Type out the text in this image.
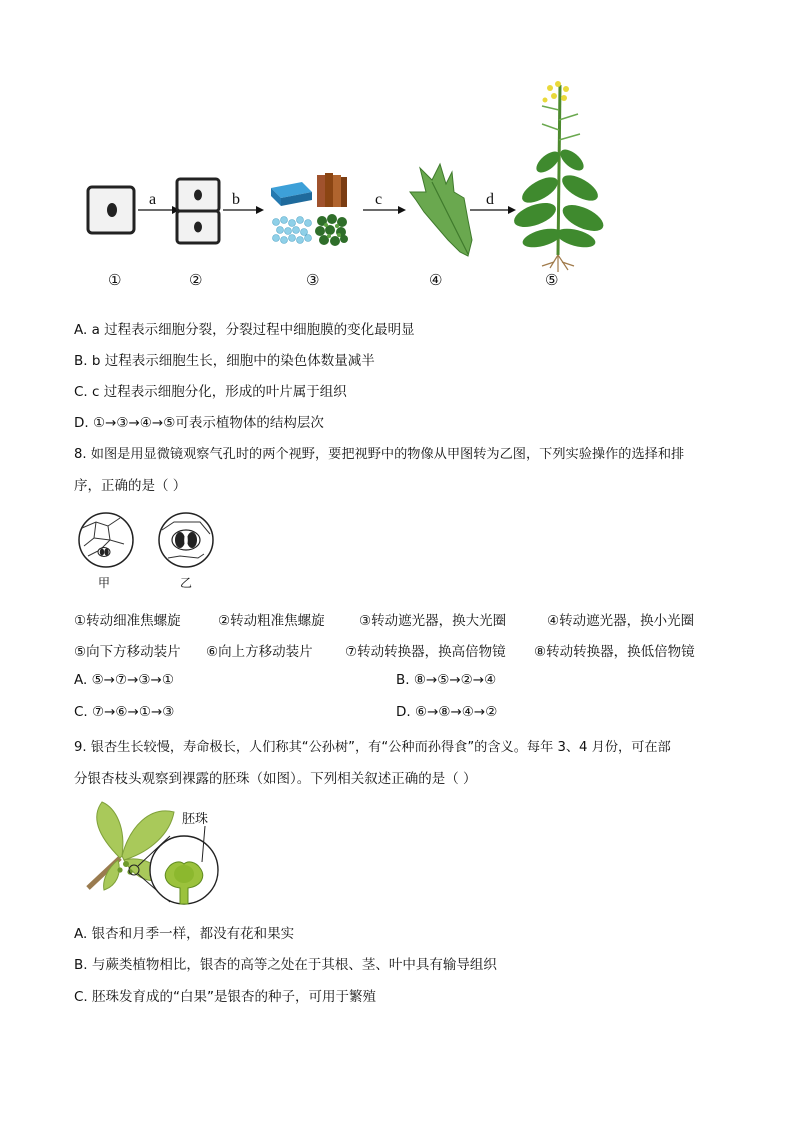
a	b	c	d
①	②	③	④	⑤
A. a 过程表示细胞分裂，分裂过程中细胞膜的变化最明显
B. b 过程表示细胞生长，细胞中的染色体数量减半
C. c 过程表示细胞分化，形成的叶片属于组织
D. ①→③→④→⑤可表示植物体的结构层次
8. 如图是用显微镜观察气孔时的两个视野，要把视野中的物像从甲图转为乙图，下列实验操作的选择和排
序，正确的是（ ）
甲	乙
①转动细准焦螺旋	②转动粗准焦螺旋	③转动遮光器，换大光圈	④转动遮光器，换小光圈
⑤向下方移动装片 ⑥向上方移动装片 ⑦转动转换器，换高倍物镜 ⑧转动转换器，换低倍物镜
A. ⑤→⑦→③→①	B. ⑧→⑤→②→④
C. ⑦→⑥→①→③	D. ⑥→⑧→④→②
9. 银杏生长较慢，寿命极长，人们称其“公孙树”，有“公种而孙得食”的含义。每年 3、4 月份，可在部
分银杏枝头观察到裸露的胚珠（如图）。下列相关叙述正确的是（ ）
胚珠
A. 银杏和月季一样，都没有花和果实
B. 与蕨类植物相比，银杏的高等之处在于其根、茎、叶中具有输导组织
C. 胚珠发育成的“白果”是银杏的种子，可用于繁殖
